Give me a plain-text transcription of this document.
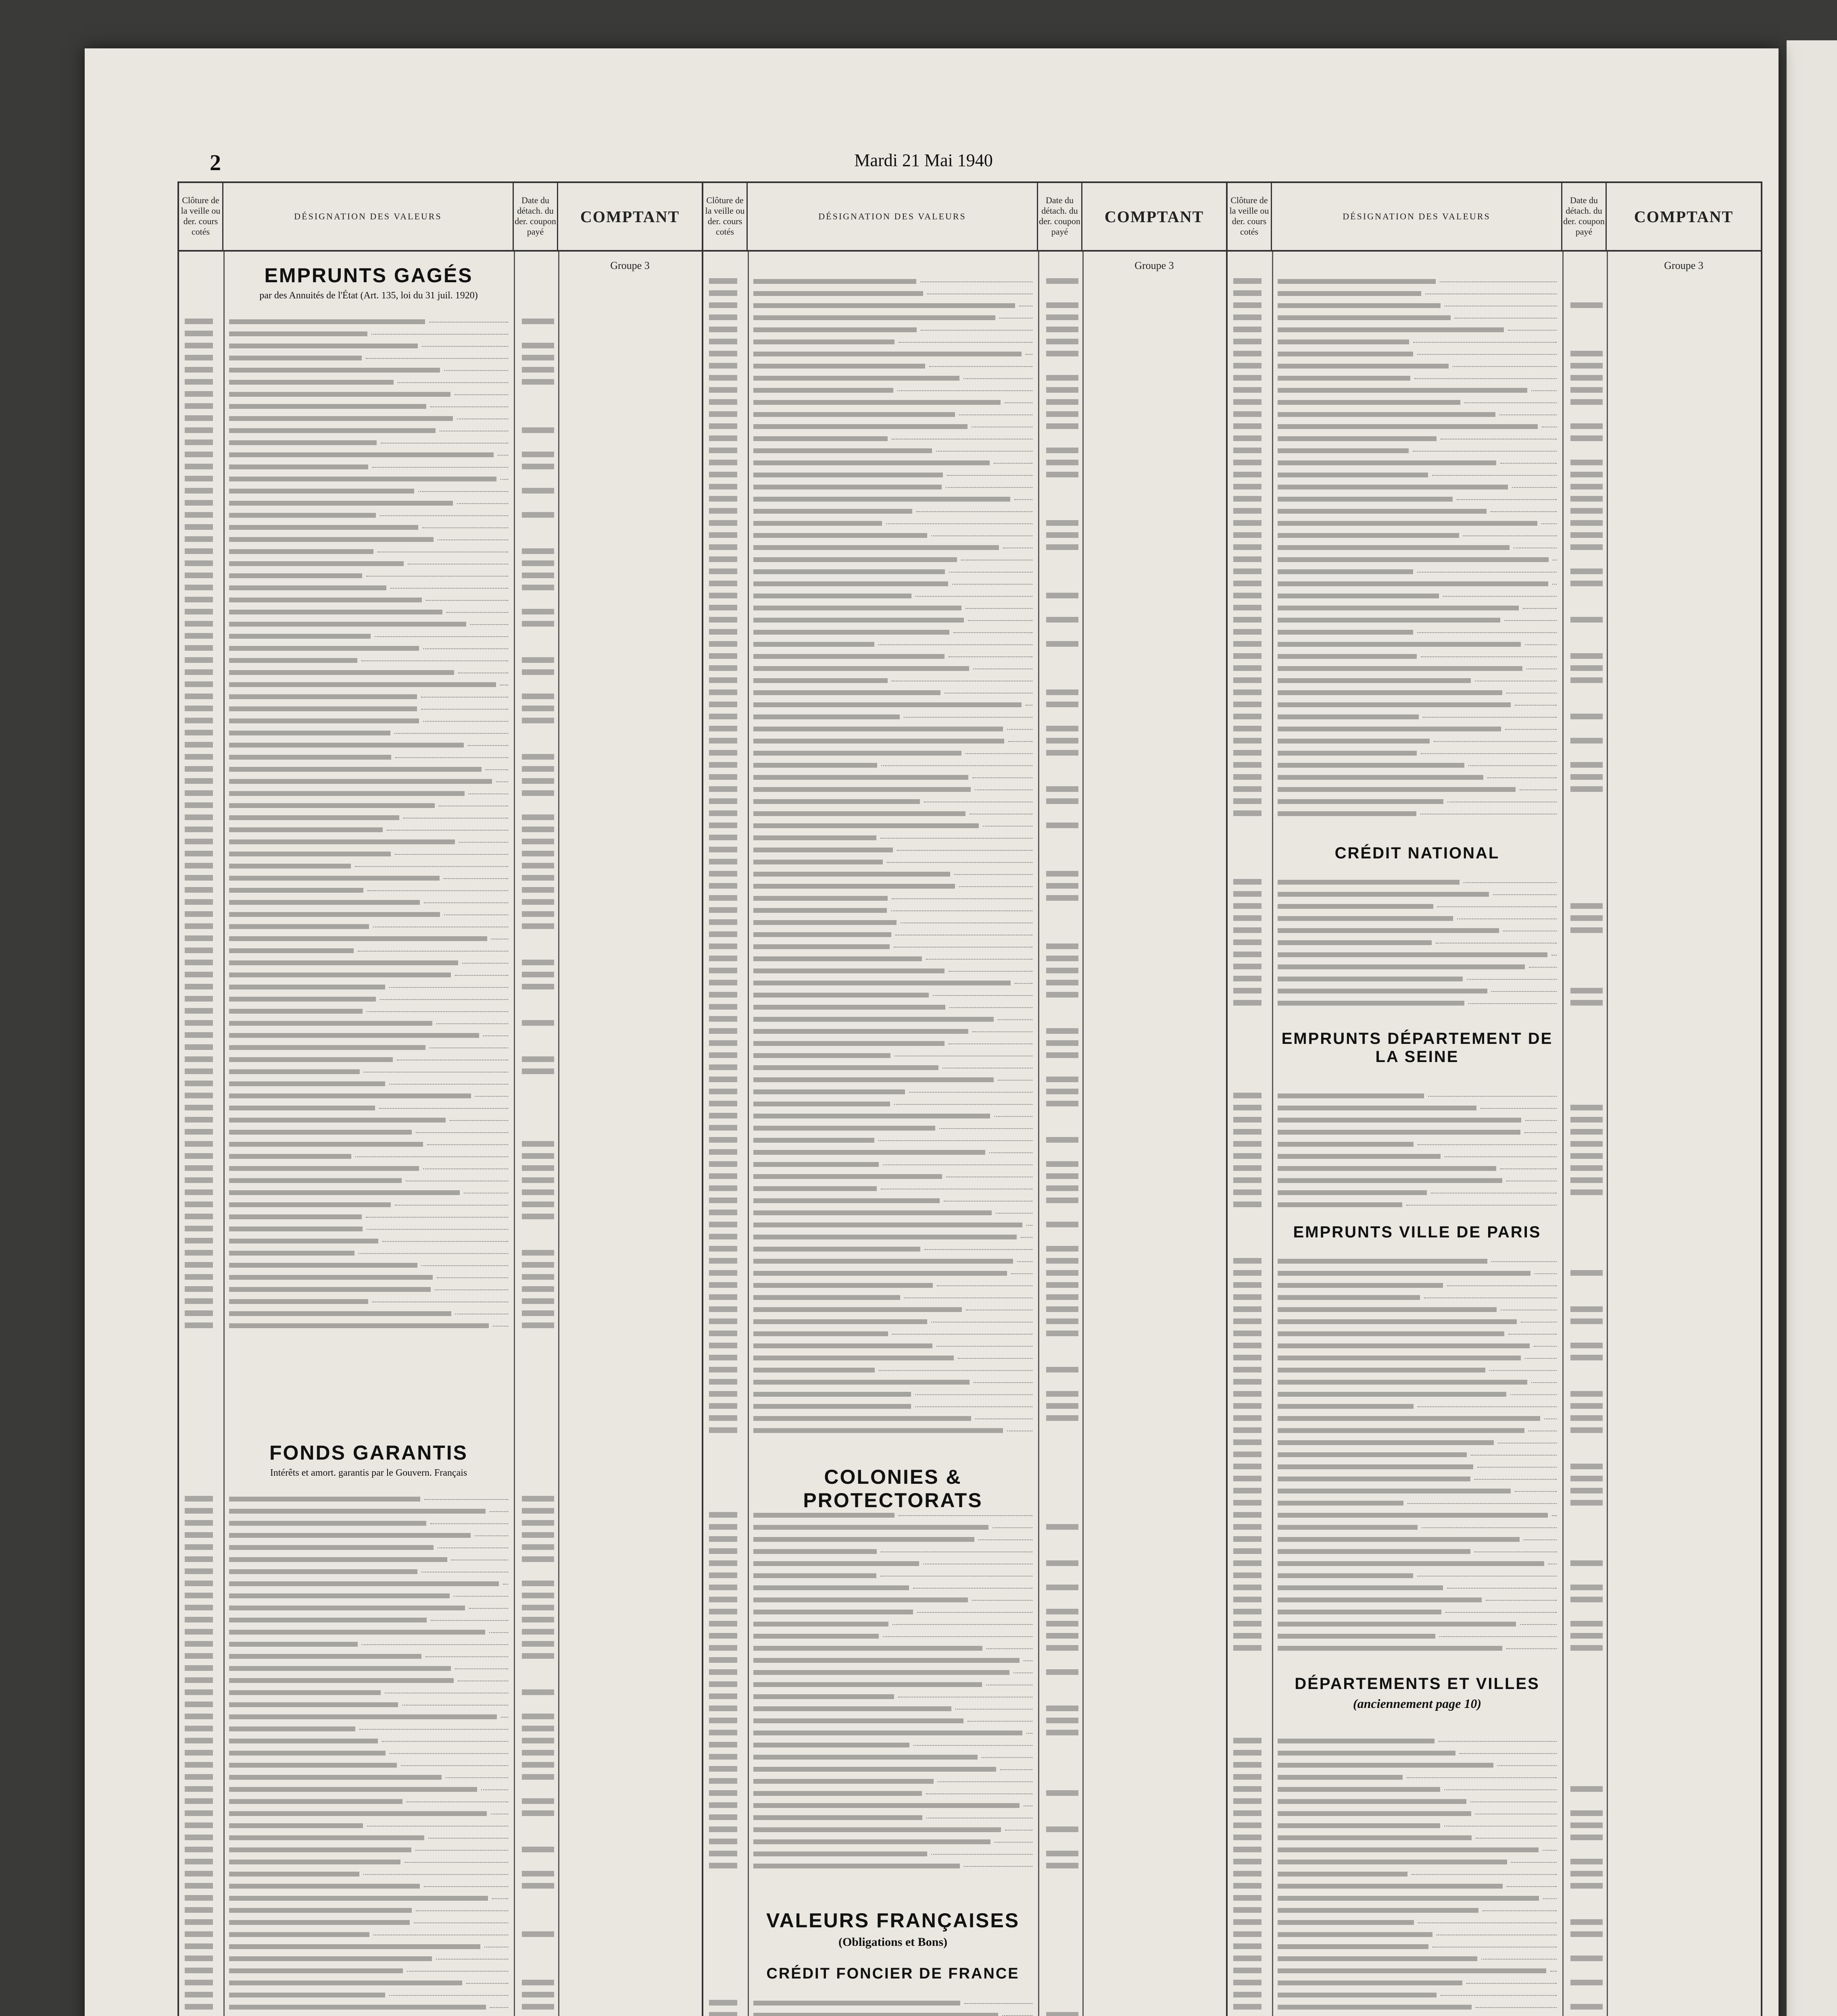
2	Mardi 21 Mai 1940
Clôture de la veille ou der. cours cotés
DÉSIGNATION DES VALEURS
Date du détach. du der. coupon payé
COMPTANT
Groupe 3
EMPRUNTS GAGÉS
par des Annuités de l'État (Art. 135, loi du 31 juil. 1920)
FONDS GARANTIS
Intérêts et amort. garantis par le Gouvern. Français
Clôture de la veille ou der. cours cotés
DÉSIGNATION DES VALEURS
Date du détach. du der. coupon payé
COMPTANT
Groupe 3
COLONIES & PROTECTORATS
VALEURS FRANÇAISES
(Obligations et Bons)
CRÉDIT FONCIER DE FRANCE
Clôture de la veille ou der. cours cotés
DÉSIGNATION DES VALEURS
Date du détach. du der. coupon payé
COMPTANT
Groupe 3
CRÉDIT NATIONAL
EMPRUNTS DÉPARTEMENT DE LA SEINE
EMPRUNTS VILLE DE PARIS
DÉPARTEMENTS ET VILLES
(anciennement page 10)
